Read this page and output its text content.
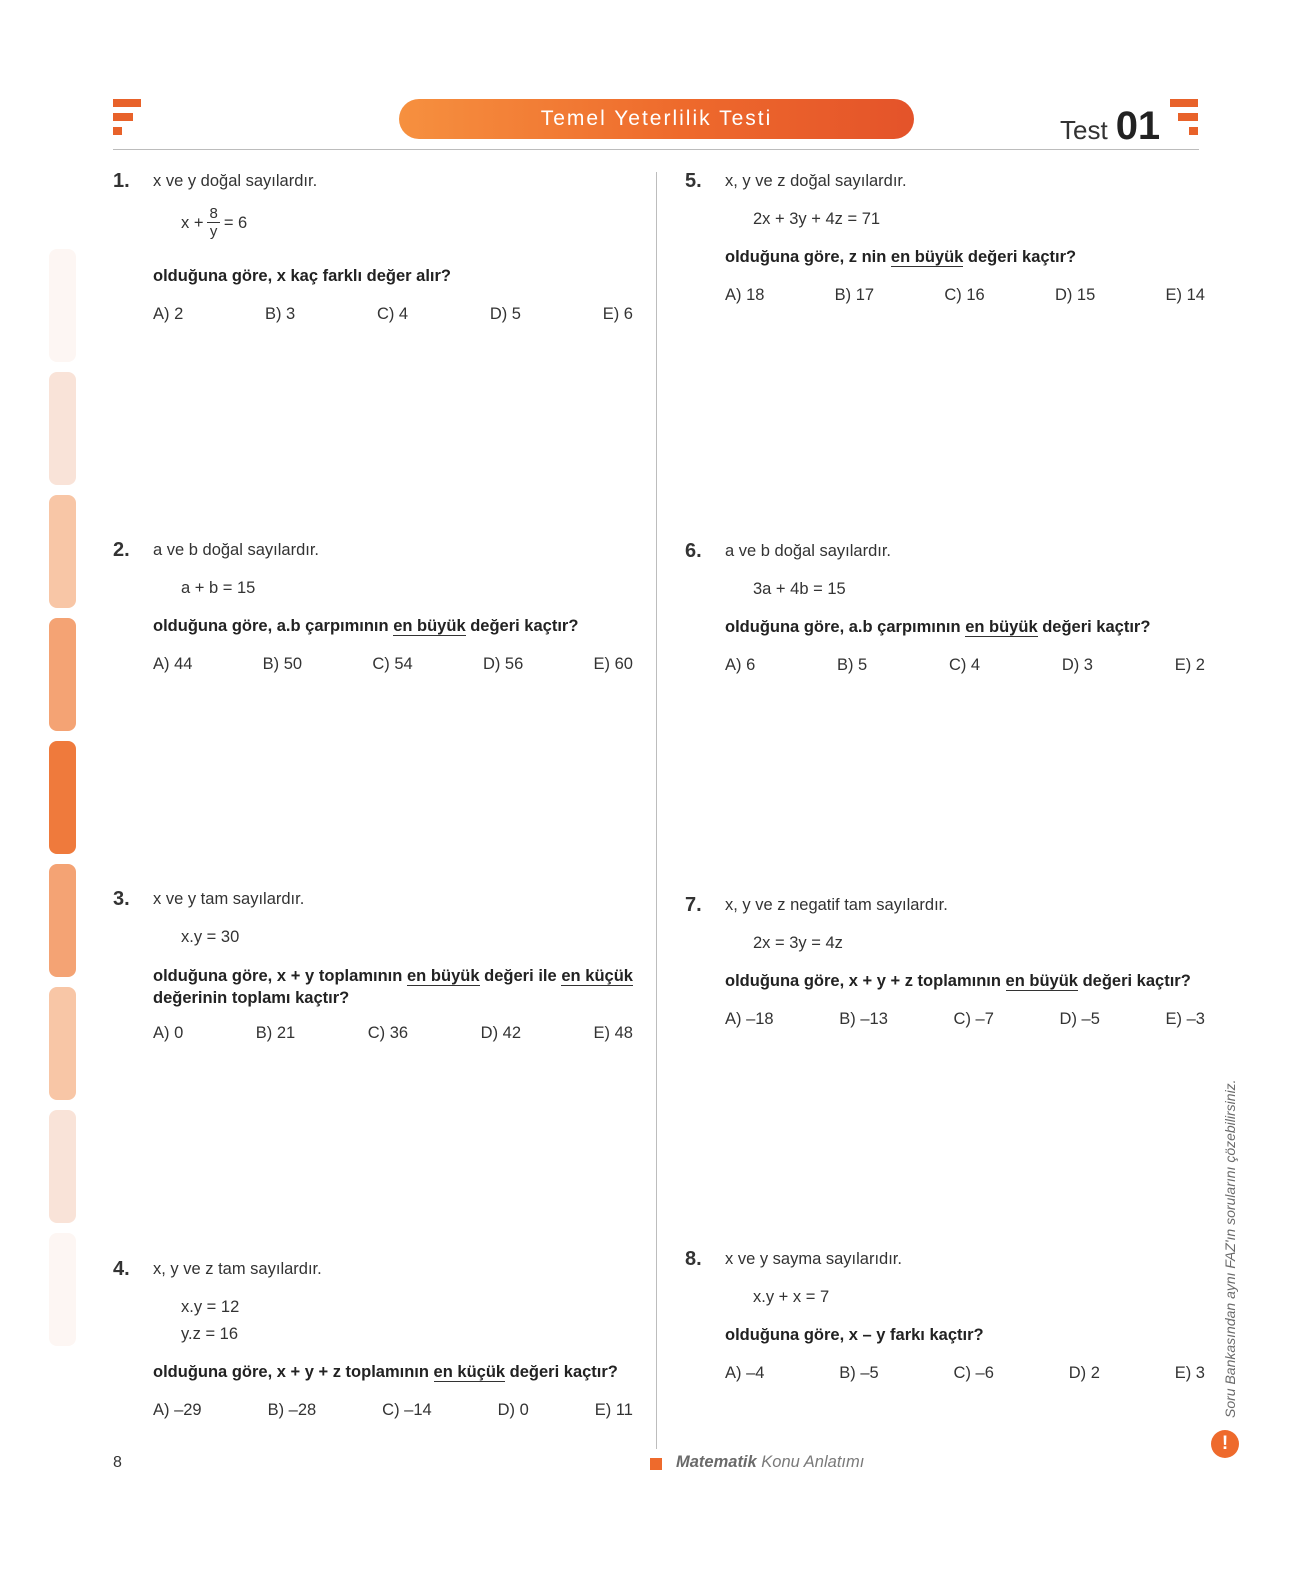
Temel Yeterlilik Testi	Test 01
1. x ve y doğal sayılardır.
$x + \frac{8}{y} = 6$
olduğuna göre, x kaç farklı değer alır?
A) 2	B) 3	C) 4	D) 5	E) 6
2. a ve b doğal sayılardır.
a + b = 15
olduğuna göre, a.b çarpımının en büyük değeri kaçtır?
A) 44	B) 50	C) 54	D) 56	E) 60
3. x ve y tam sayılardır.
x.y = 30
olduğuna göre, x + y toplamının en büyük değeri ile en küçük değerinin toplamı kaçtır?
A) 0	B) 21	C) 36	D) 42	E) 48
4. x, y ve z tam sayılardır.
x.y = 12
y.z = 16
olduğuna göre, x + y + z toplamının en küçük değeri kaçtır?
A) –29	B) –28	C) –14	D) 0	E) 11
5. x, y ve z doğal sayılardır.
2x + 3y + 4z = 71
olduğuna göre, z nin en büyük değeri kaçtır?
A) 18	B) 17	C) 16	D) 15	E) 14
6. a ve b doğal sayılardır.
3a + 4b = 15
olduğuna göre, a.b çarpımının en büyük değeri kaçtır?
A) 6	B) 5	C) 4	D) 3	E) 2
7. x, y ve z negatif tam sayılardır.
2x = 3y = 4z
olduğuna göre, x + y + z toplamının en büyük değeri kaçtır?
A) –18	B) –13	C) –7	D) –5	E) –3
8. x ve y sayma sayılarıdır.
x.y + x = 7
olduğuna göre, x – y farkı kaçtır?
A) –4	B) –5	C) –6	D) 2	E) 3 Soru Bankasından aynı FAZ'ın sorularını çözebilirsiniz.
!
8	Matematik Konu Anlatımı
